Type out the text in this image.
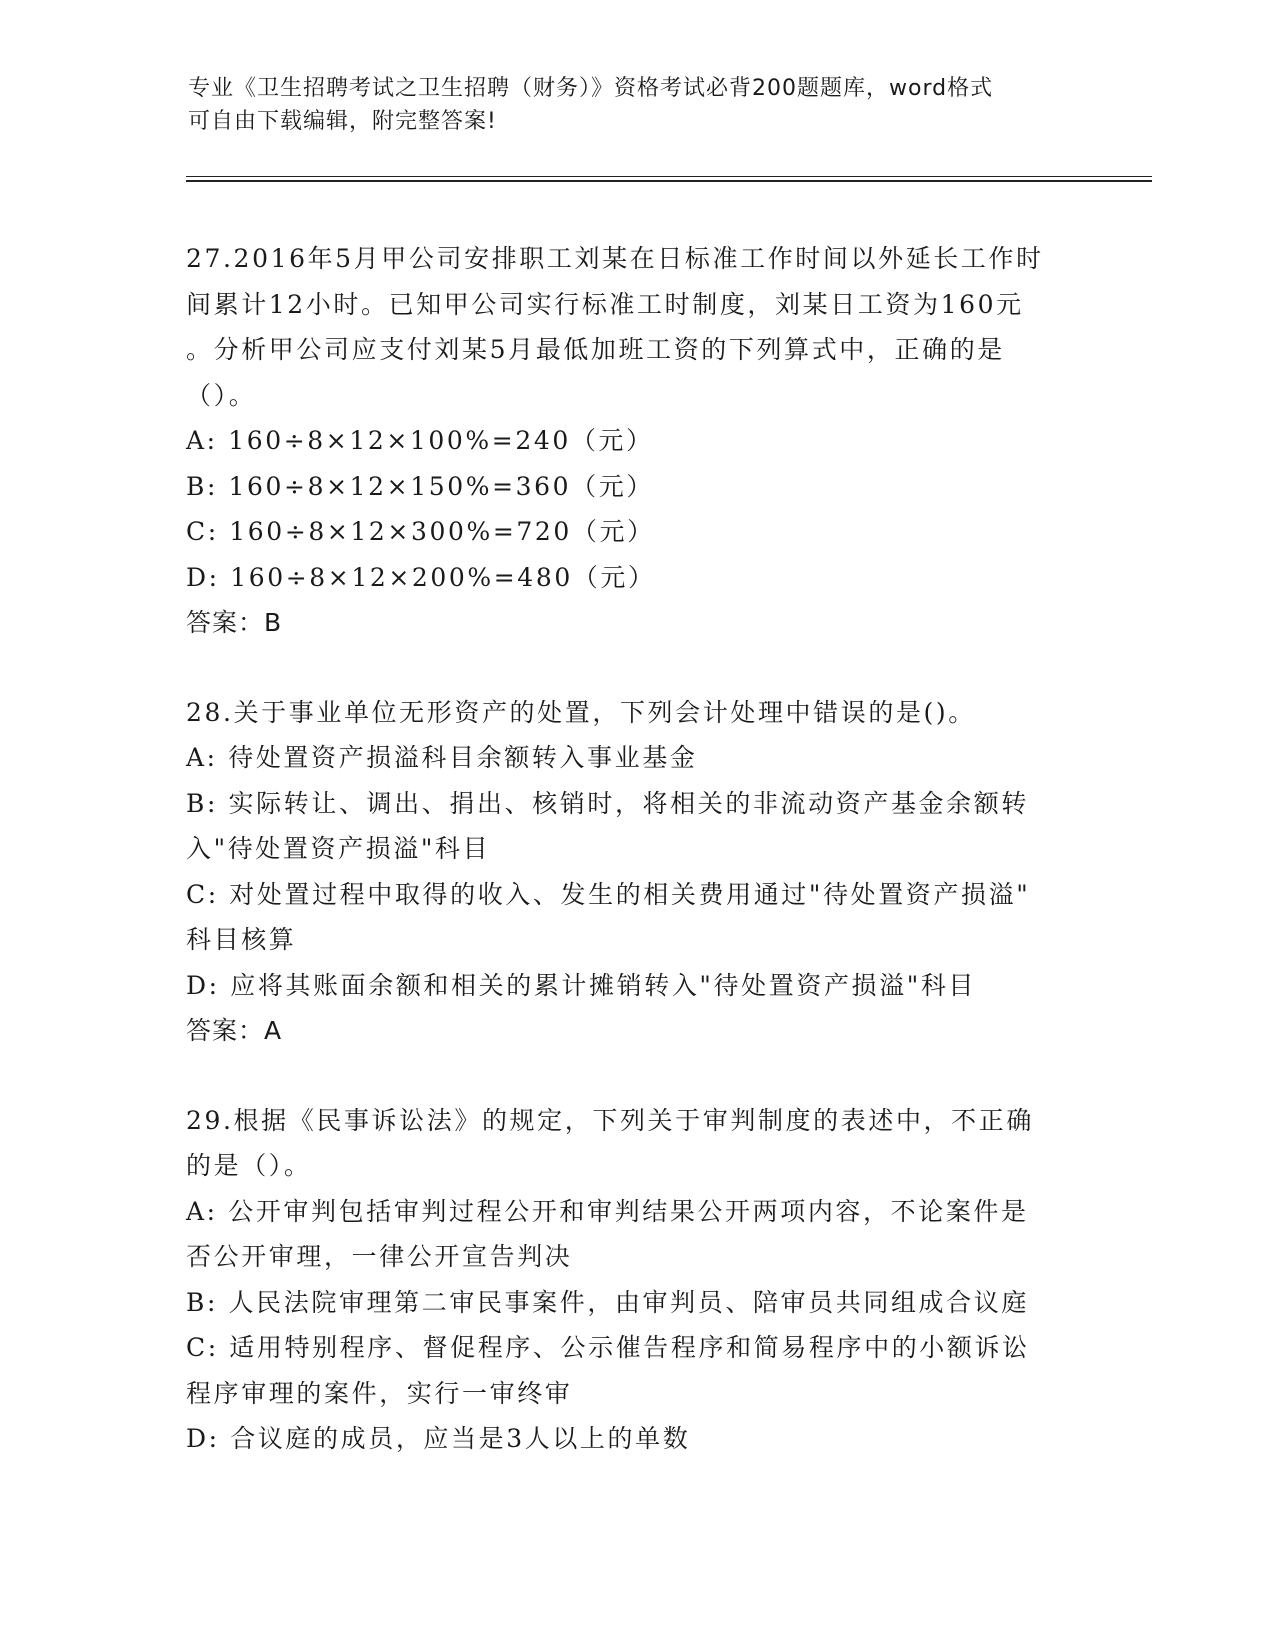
专业《卫生招聘考试之卫生招聘（财务）》资格考试必背200题题库，word格式

可自由下载编辑，附完整答案!

27.2016年5月甲公司安排职工刘某在日标准工作时间以外延长工作时

间累计12小时。已知甲公司实行标准工时制度，刘某日工资为160元

。分析甲公司应支付刘某5月最低加班工资的下列算式中，正确的是

（）。

A: 160÷8×12×100%=240（元）

B: 160÷8×12×150%=360（元）

C: 160÷8×12×300%=720（元）

D: 160÷8×12×200%=480（元）

答案：B

28.关于事业单位无形资产的处置，下列会计处理中错误的是()。

A: 待处置资产损溢科目余额转入事业基金

B: 实际转让、调出、捐出、核销时，将相关的非流动资产基金余额转

入"待处置资产损溢"科目

C: 对处置过程中取得的收入、发生的相关费用通过"待处置资产损溢"

科目核算

D: 应将其账面余额和相关的累计摊销转入"待处置资产损溢"科目

答案：A

29.根据《民事诉讼法》的规定，下列关于审判制度的表述中，不正确

的是（）。

A: 公开审判包括审判过程公开和审判结果公开两项内容，不论案件是

否公开审理，一律公开宣告判决

B: 人民法院审理第二审民事案件，由审判员、陪审员共同组成合议庭

C: 适用特别程序、督促程序、公示催告程序和简易程序中的小额诉讼

程序审理的案件，实行一审终审

D: 合议庭的成员，应当是3人以上的单数
